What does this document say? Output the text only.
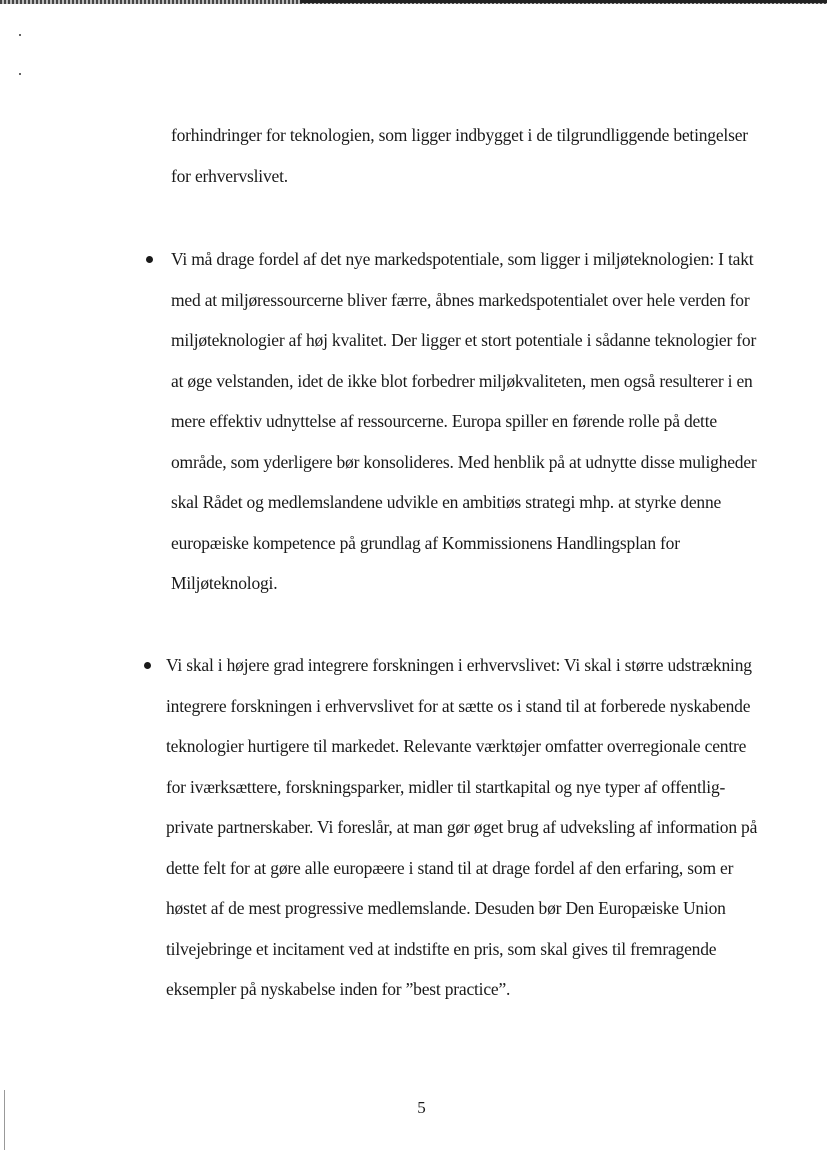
forhindringer for teknologien, som ligger indbygget i de tilgrundliggende betingelser for erhvervslivet.

Vi må drage fordel af det nye markedspotentiale, som ligger i miljøteknologien: I takt med at miljøressourcerne bliver færre, åbnes markedspotentialet over hele verden for miljøteknologier af høj kvalitet. Der ligger et stort potentiale i sådanne teknologier for at øge velstanden, idet de ikke blot forbedrer miljøkvaliteten, men også resulterer i en mere effektiv udnyttelse af ressourcerne. Europa spiller en førende rolle på dette område, som yderligere bør konsolideres. Med henblik på at udnytte disse muligheder skal Rådet og medlemslandene udvikle en ambitiøs strategi mhp. at styrke denne europæiske kompetence på grundlag af Kommissionens Handlingsplan for Miljøteknologi.

Vi skal i højere grad integrere forskningen i erhvervslivet: Vi skal i større udstrækning integrere forskningen i erhvervslivet for at sætte os i stand til at forberede nyskabende teknologier hurtigere til markedet. Relevante værktøjer omfatter overregionale centre for iværksættere, forskningsparker, midler til startkapital og nye typer af offentlig-private partnerskaber. Vi foreslår, at man gør øget brug af udveksling af information på dette felt for at gøre alle europæere i stand til at drage fordel af den erfaring, som er høstet af de mest progressive medlemslande. Desuden bør Den Europæiske Union tilvejebringe et incitament ved at indstifte en pris, som skal gives til fremragende eksempler på nyskabelse inden for ”best practice”.

5
